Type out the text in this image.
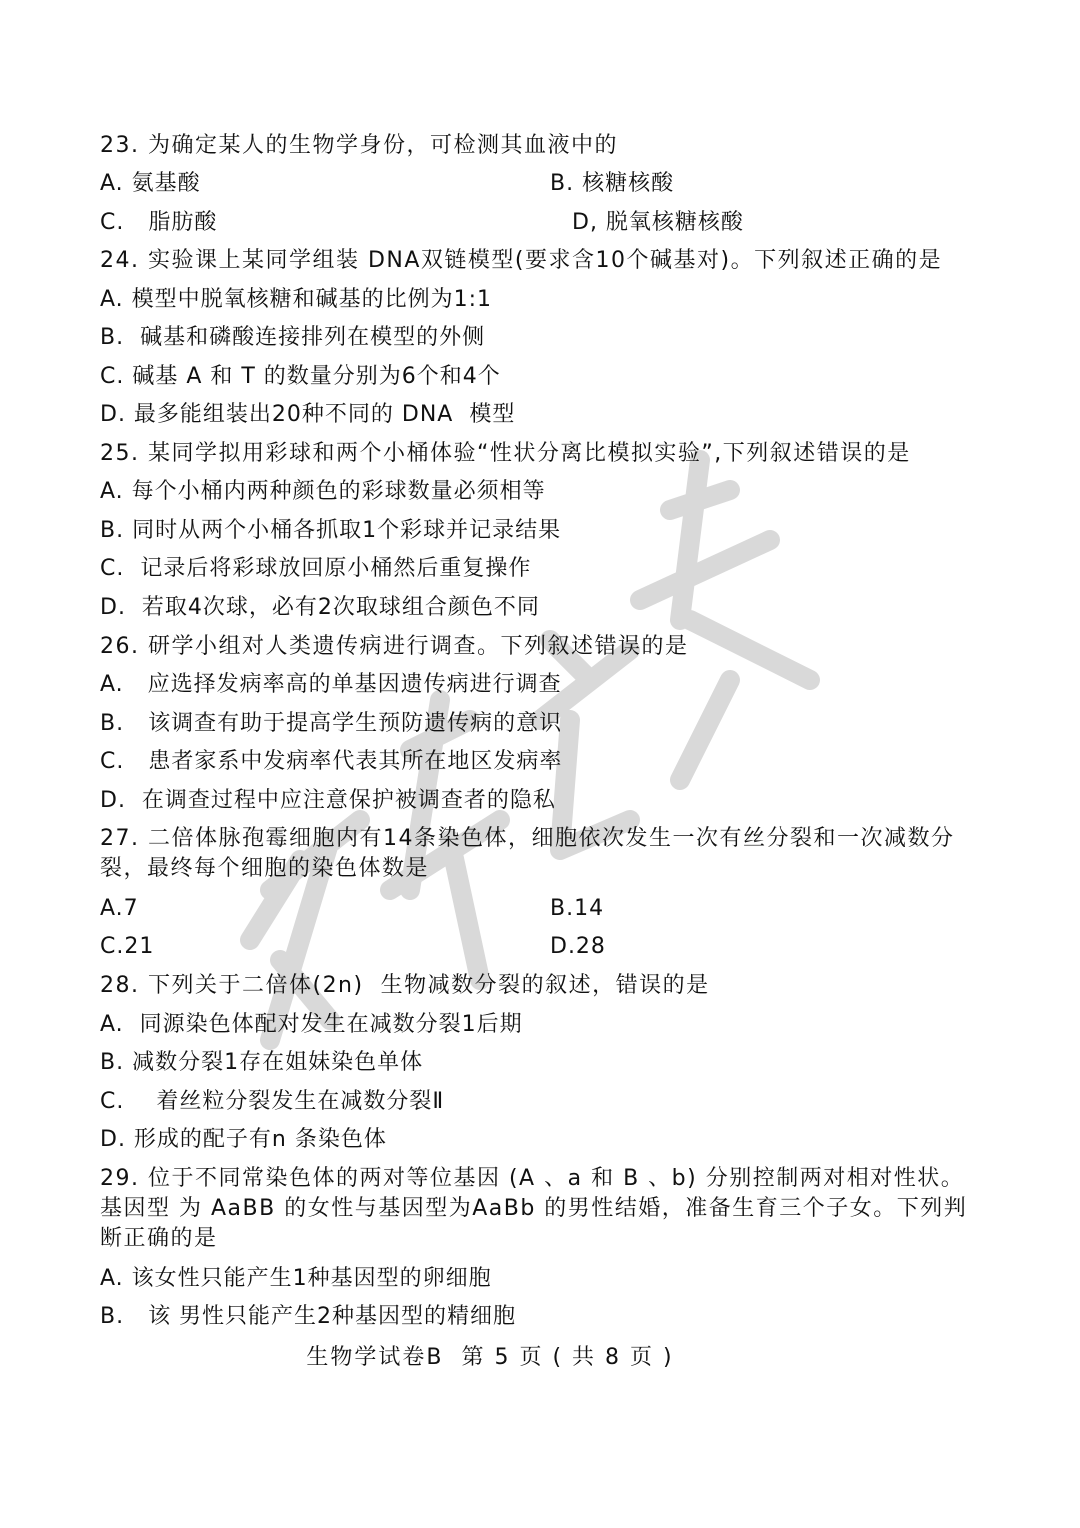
23. 为确定某人的生物学身份，可检测其血液中的
A. 氨基酸	B. 核糖核酸
C.   脂肪酸	D, 脱氧核糖核酸
24. 实验课上某同学组装 DNA双链模型(要求含10个碱基对)。下列叙述正确的是
A. 模型中脱氧核糖和碱基的比例为1:1
B.  碱基和磷酸连接排列在模型的外侧
C. 碱基 A 和 T 的数量分别为6个和4个
D. 最多能组装出20种不同的 DNA  模型
25. 某同学拟用彩球和两个小桶体验“性状分离比模拟实验”,下列叙述错误的是
A. 每个小桶内两种颜色的彩球数量必须相等
B. 同时从两个小桶各抓取1个彩球并记录结果
C.  记录后将彩球放回原小桶然后重复操作
D.  若取4次球，必有2次取球组合颜色不同
26. 研学小组对人类遗传病进行调查。下列叙述错误的是
A.   应选择发病率高的单基因遗传病进行调查
B.   该调查有助于提高学生预防遗传病的意识
C.   患者家系中发病率代表其所在地区发病率
D.  在调查过程中应注意保护被调查者的隐私
27. 二倍体脉孢霉细胞内有14条染色体，细胞依次发生一次有丝分裂和一次减数分裂，最终每个细胞的染色体数是
A.7	B.14
C.21	D.28
28. 下列关于二倍体(2n)  生物减数分裂的叙述，错误的是
A.  同源染色体配对发生在减数分裂1后期
B. 减数分裂1存在姐妹染色单体
C.    着丝粒分裂发生在减数分裂Ⅱ
D. 形成的配子有n 条染色体
29. 位于不同常染色体的两对等位基因 (A 、a 和 B 、b) 分别控制两对相对性状。基因型 为 AaBB 的女性与基因型为AaBb 的男性结婚，准备生育三个子女。下列判断正确的是
A. 该女性只能产生1种基因型的卵细胞
B.   该 男性只能产生2种基因型的精细胞
生物学试卷B  第 5 页 ( 共 8 页 )
